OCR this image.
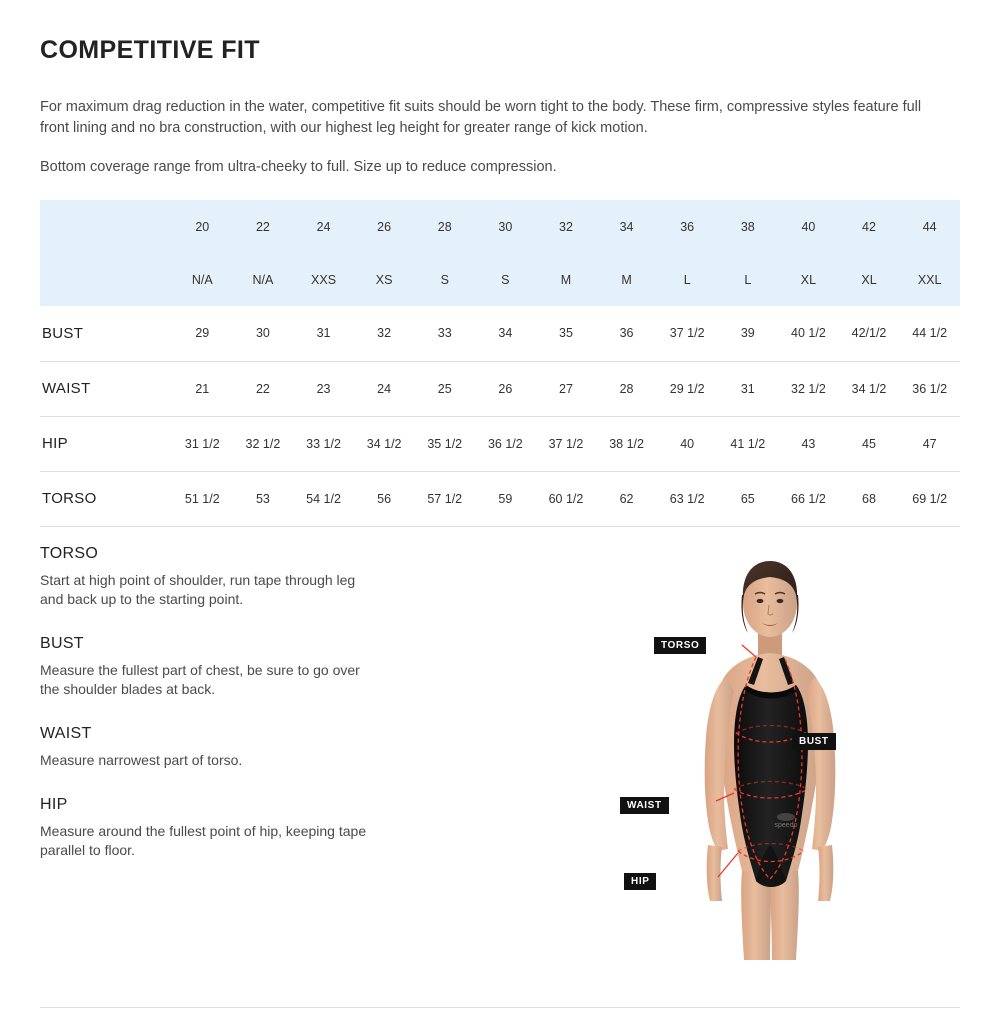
COMPETITIVE FIT

For maximum drag reduction in the water, competitive fit suits should be worn tight to the body. These firm, compressive styles feature full front lining and no bra construction, with our highest leg height for greater range of kick motion.

Bottom coverage range from ultra-cheeky to full. Size up to reduce compression.

	20	22	24	26	28	30	32	34	36	38	40	42	44
	N/A	N/A	XXS	XS	S	S	M	M	L	L	XL	XL	XXL
BUST	29	30	31	32	33	34	35	36	37 1/2	39	40 1/2	42/1/2	44 1/2
WAIST	21	22	23	24	25	26	27	28	29 1/2	31	32 1/2	34 1/2	36 1/2
HIP	31 1/2	32 1/2	33 1/2	34 1/2	35 1/2	36 1/2	37 1/2	38 1/2	40	41 1/2	43	45	47
TORSO	51 1/2	53	54 1/2	56	57 1/2	59	60 1/2	62	63 1/2	65	66 1/2	68	69 1/2
TORSO
Start at high point of shoulder, run tape through leg and back up to the starting point.
BUST
Measure the fullest part of chest, be sure to go over the shoulder blades at back.
WAIST
Measure narrowest part of torso.
HIP
Measure around the fullest point of hip, keeping tape parallel to floor.
speedo
TORSO
BUST
WAIST
HIP
